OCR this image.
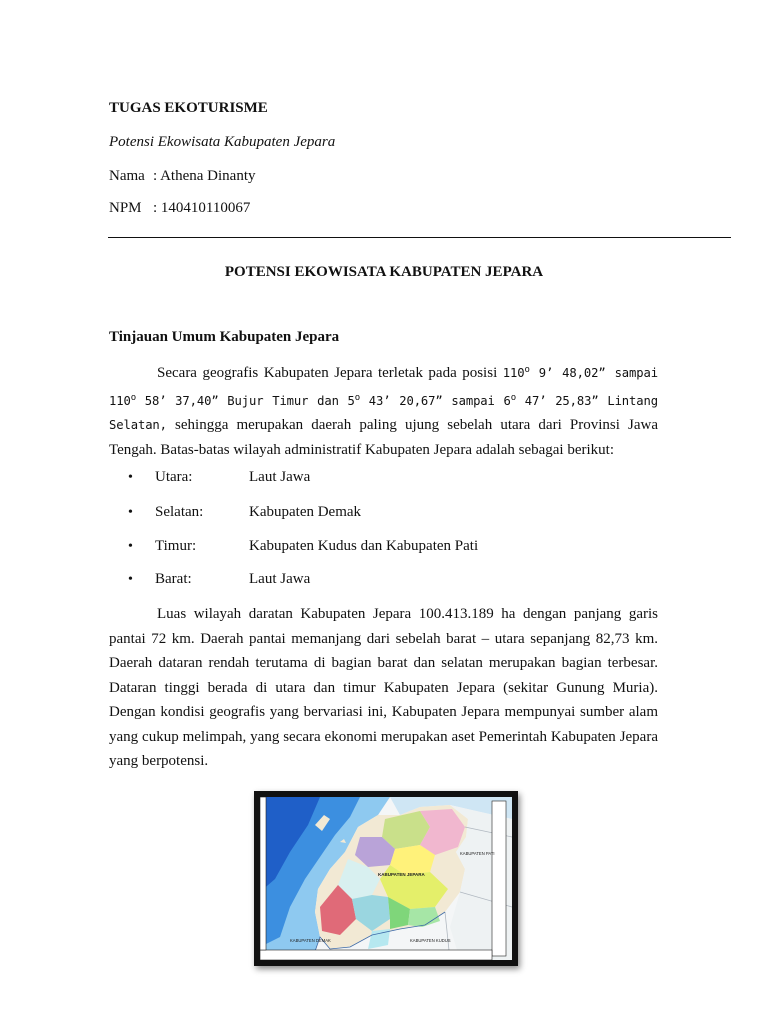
TUGAS EKOTURISME
Potensi Ekowisata Kabupaten Jepara
Nama : Athena Dinanty
NPM : 140410110067
POTENSI EKOWISATA KABUPATEN JEPARA
Tinjauan Umum Kabupaten Jepara

Secara geografis Kabupaten Jepara terletak pada posisi 110$^o$ 9’ 48,02” sampai 110$^o$ 58’ 37,40” Bujur Timur dan 5$^o$ 43’ 20,67” sampai 6$^o$ 47’ 25,83” Lintang Selatan, sehingga merupakan daerah paling ujung sebelah utara dari Provinsi Jawa Tengah. Batas-batas wilayah administratif Kabupaten Jepara adalah sebagai berikut:

• Utara:	Laut Jawa
• Selatan:	Kabupaten Demak
• Timur:	Kabupaten Kudus dan Kabupaten Pati
• Barat:	Laut Jawa

Luas wilayah daratan Kabupaten Jepara 100.413.189 ha dengan panjang garis pantai 72 km. Daerah pantai memanjang dari sebelah barat – utara sepanjang 82,73 km. Daerah dataran rendah terutama di bagian barat dan selatan merupakan bagian terbesar. Dataran tinggi berada di utara dan timur Kabupaten Jepara (sekitar Gunung Muria). Dengan kondisi geografis yang bervariasi ini, Kabupaten Jepara mempunyai sumber alam yang cukup melimpah, yang secara ekonomi merupakan aset Pemerintah Kabupaten Jepara yang berpotensi.

KABUPATEN JEPARA
KABUPATEN PATI
KABUPATEN DEMAK	KABUPATEN KUDUS
